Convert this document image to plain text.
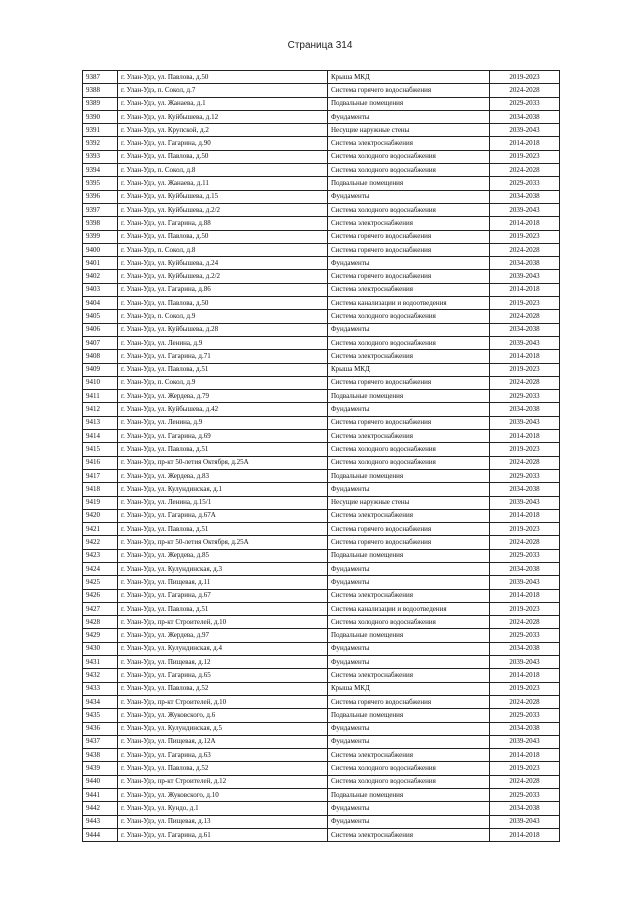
Страница 314
9387	г. Улан-Удэ, ул. Павлова, д.50	Крыша МКД	2019-2023
9388	г. Улан-Удэ, п. Сокол, д.7	Система горячего водоснабжения	2024-2028
9389	г. Улан-Удэ, ул. Жанаева, д.1	Подвальные помещения	2029-2033
9390	г. Улан-Удэ, ул. Куйбышева, д.12	Фундаменты	2034-2038
9391	г. Улан-Удэ, ул. Крупской, д.2	Несущие наружные стены	2039-2043
9392	г. Улан-Удэ, ул. Гагарина, д.90	Система электроснабжения	2014-2018
9393	г. Улан-Удэ, ул. Павлова, д.50	Система холодного водоснабжения	2019-2023
9394	г. Улан-Удэ, п. Сокол, д.8	Система холодного водоснабжения	2024-2028
9395	г. Улан-Удэ, ул. Жанаева, д.11	Подвальные помещения	2029-2033
9396	г. Улан-Удэ, ул. Куйбышева, д.15	Фундаменты	2034-2038
9397	г. Улан-Удэ, ул. Куйбышева, д.2/2	Система холодного водоснабжения	2039-2043
9398	г. Улан-Удэ, ул. Гагарина, д.88	Система электроснабжения	2014-2018
9399	г. Улан-Удэ, ул. Павлова, д.50	Система горячего водоснабжения	2019-2023
9400	г. Улан-Удэ, п. Сокол, д.8	Система горячего водоснабжения	2024-2028
9401	г. Улан-Удэ, ул. Куйбышева, д.24	Фундаменты	2034-2038
9402	г. Улан-Удэ, ул. Куйбышева, д.2/2	Система горячего водоснабжения	2039-2043
9403	г. Улан-Удэ, ул. Гагарина, д.86	Система электроснабжения	2014-2018
9404	г. Улан-Удэ, ул. Павлова, д.50	Система канализации и водоотведения	2019-2023
9405	г. Улан-Удэ, п. Сокол, д.9	Система холодного водоснабжения	2024-2028
9406	г. Улан-Удэ, ул. Куйбышева, д.28	Фундаменты	2034-2038
9407	г. Улан-Удэ, ул. Ленина, д.9	Система холодного водоснабжения	2039-2043
9408	г. Улан-Удэ, ул. Гагарина, д.71	Система электроснабжения	2014-2018
9409	г. Улан-Удэ, ул. Павлова, д.51	Крыша МКД	2019-2023
9410	г. Улан-Удэ, п. Сокол, д.9	Система горячего водоснабжения	2024-2028
9411	г. Улан-Удэ, ул. Жердева, д.79	Подвальные помещения	2029-2033
9412	г. Улан-Удэ, ул. Куйбышева, д.42	Фундаменты	2034-2038
9413	г. Улан-Удэ, ул. Ленина, д.9	Система горячего водоснабжения	2039-2043
9414	г. Улан-Удэ, ул. Гагарина, д.69	Система электроснабжения	2014-2018
9415	г. Улан-Удэ, ул. Павлова, д.51	Система холодного водоснабжения	2019-2023
9416	г. Улан-Удэ, пр-кт 50-летия Октября, д.25А	Система холодного водоснабжения	2024-2028
9417	г. Улан-Удэ, ул. Жердева, д.83	Подвальные помещения	2029-2033
9418	г. Улан-Удэ, ул. Кулундинская, д.1	Фундаменты	2034-2038
9419	г. Улан-Удэ, ул. Ленина, д.15/1	Несущие наружные стены	2039-2043
9420	г. Улан-Удэ, ул. Гагарина, д.67А	Система электроснабжения	2014-2018
9421	г. Улан-Удэ, ул. Павлова, д.51	Система горячего водоснабжения	2019-2023
9422	г. Улан-Удэ, пр-кт 50-летия Октября, д.25А	Система горячего водоснабжения	2024-2028
9423	г. Улан-Удэ, ул. Жердева, д.85	Подвальные помещения	2029-2033
9424	г. Улан-Удэ, ул. Кулундинская, д.3	Фундаменты	2034-2038
9425	г. Улан-Удэ, ул. Пищевая, д.11	Фундаменты	2039-2043
9426	г. Улан-Удэ, ул. Гагарина, д.67	Система электроснабжения	2014-2018
9427	г. Улан-Удэ, ул. Павлова, д.51	Система канализации и водоотведения	2019-2023
9428	г. Улан-Удэ, пр-кт Строителей, д.10	Система холодного водоснабжения	2024-2028
9429	г. Улан-Удэ, ул. Жердева, д.97	Подвальные помещения	2029-2033
9430	г. Улан-Удэ, ул. Кулундинская, д.4	Фундаменты	2034-2038
9431	г. Улан-Удэ, ул. Пищевая, д.12	Фундаменты	2039-2043
9432	г. Улан-Удэ, ул. Гагарина, д.65	Система электроснабжения	2014-2018
9433	г. Улан-Удэ, ул. Павлова, д.52	Крыша МКД	2019-2023
9434	г. Улан-Удэ, пр-кт Строителей, д.10	Система горячего водоснабжения	2024-2028
9435	г. Улан-Удэ, ул. Жуковского, д.6	Подвальные помещения	2029-2033
9436	г. Улан-Удэ, ул. Кулундинская, д.5	Фундаменты	2034-2038
9437	г. Улан-Удэ, ул. Пищевая, д.12А	Фундаменты	2039-2043
9438	г. Улан-Удэ, ул. Гагарина, д.63	Система электроснабжения	2014-2018
9439	г. Улан-Удэ, ул. Павлова, д.52	Система холодного водоснабжения	2019-2023
9440	г. Улан-Удэ, пр-кт Строителей, д.12	Система холодного водоснабжения	2024-2028
9441	г. Улан-Удэ, ул. Жуковского, д.10	Подвальные помещения	2029-2033
9442	г. Улан-Удэ, ул. Кундо, д.1	Фундаменты	2034-2038
9443	г. Улан-Удэ, ул. Пищевая, д.13	Фундаменты	2039-2043
9444	г. Улан-Удэ, ул. Гагарина, д.61	Система электроснабжения	2014-2018
